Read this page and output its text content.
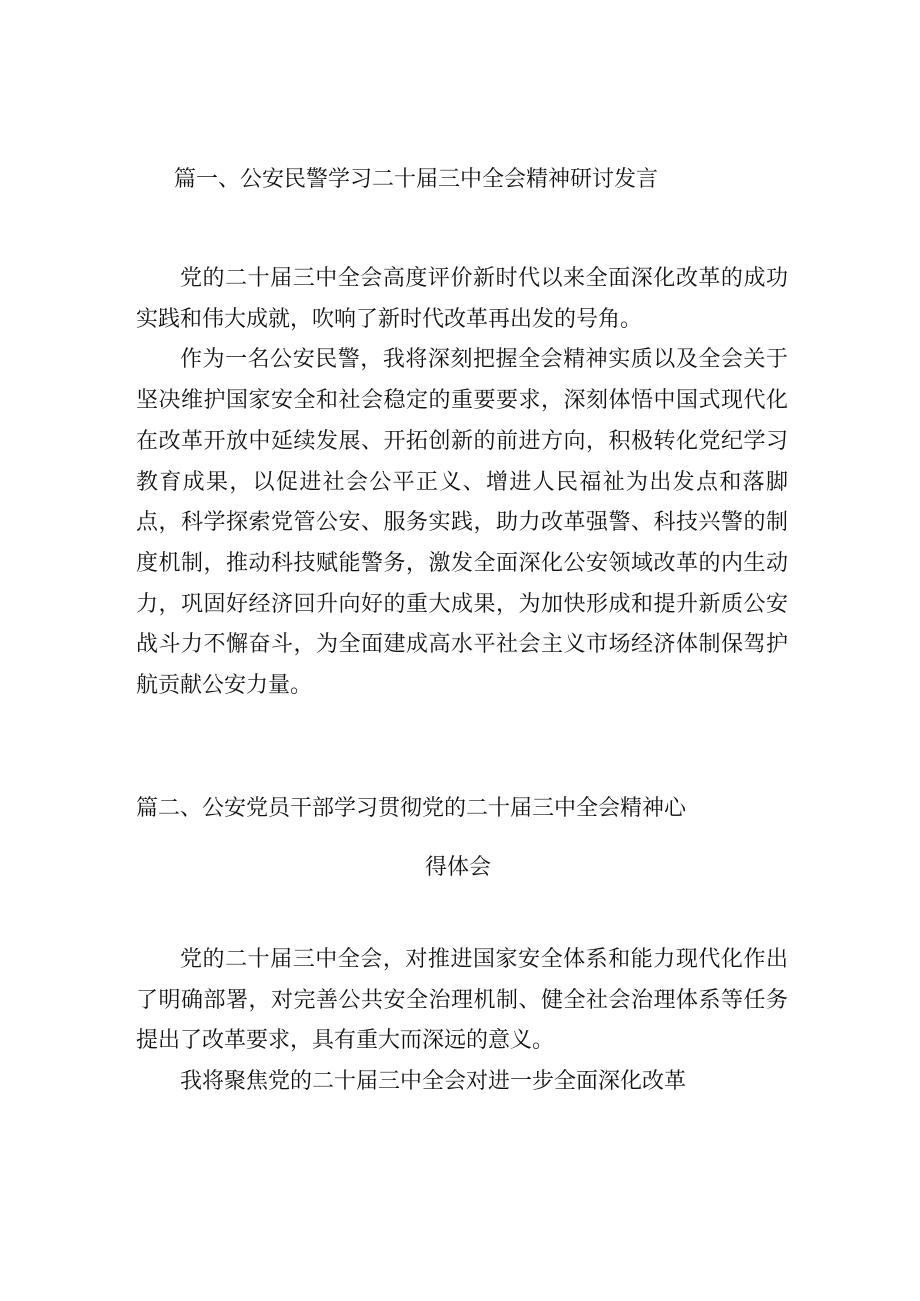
篇一、公安民警学习二十届三中全会精神研讨发言

党的二十届三中全会高度评价新时代以来全面深化改革的成功实践和伟大成就，吹响了新时代改革再出发的号角。

作为一名公安民警，我将深刻把握全会精神实质以及全会关于坚决维护国家安全和社会稳定的重要要求，深刻体悟中国式现代化在改革开放中延续发展、开拓创新的前进方向，积极转化党纪学习教育成果，以促进社会公平正义、增进人民福祉为出发点和落脚点，科学探索党管公安、服务实践，助力改革强警、科技兴警的制度机制，推动科技赋能警务，激发全面深化公安领域改革的内生动力，巩固好经济回升向好的重大成果，为加快形成和提升新质公安战斗力不懈奋斗，为全面建成高水平社会主义市场经济体制保驾护航贡献公安力量。

篇二、公安党员干部学习贯彻党的二十届三中全会精神心
得体会

党的二十届三中全会，对推进国家安全体系和能力现代化作出了明确部署，对完善公共安全治理机制、健全社会治理体系等任务提出了改革要求，具有重大而深远的意义。

我将聚焦党的二十届三中全会对进一步全面深化改革
